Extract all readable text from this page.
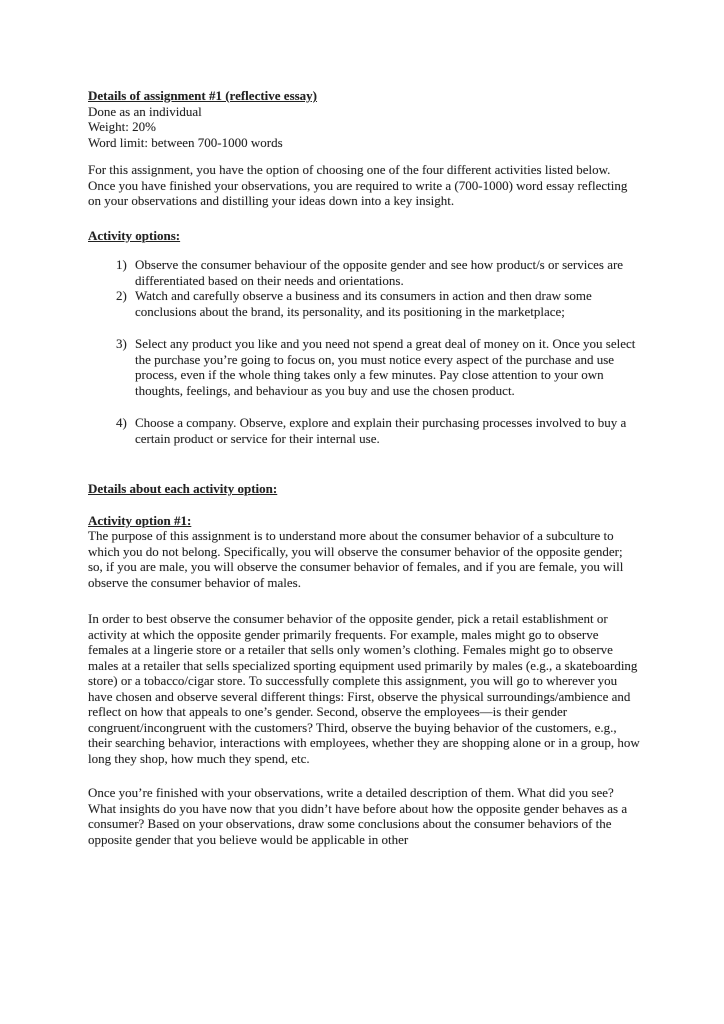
Details of assignment #1 (reflective essay)
Done as an individual
Weight: 20%
Word limit: between 700-1000 words

For this assignment, you have the option of choosing one of the four different activities listed below. Once you have finished your observations, you are required to write a (700-1000) word essay reflecting on your observations and distilling your ideas down into a key insight.

Activity options:
1) Observe the consumer behaviour of the opposite gender and see how product/s or services are differentiated based on their needs and orientations.
2) Watch and carefully observe a business and its consumers in action and then draw some conclusions about the brand, its personality, and its positioning in the marketplace;
3) Select any product you like and you need not spend a great deal of money on it. Once you select the purchase you’re going to focus on, you must notice every aspect of the purchase and use process, even if the whole thing takes only a few minutes. Pay close attention to your own thoughts, feelings, and behaviour as you buy and use the chosen product.
4) Choose a company. Observe, explore and explain their purchasing processes involved to buy a certain product or service for their internal use.
Details about each activity option:
Activity option #1:

The purpose of this assignment is to understand more about the consumer behavior of a subculture to which you do not belong. Specifically, you will observe the consumer behavior of the opposite gender; so, if you are male, you will observe the consumer behavior of females, and if you are female, you will observe the consumer behavior of males.

In order to best observe the consumer behavior of the opposite gender, pick a retail establishment or activity at which the opposite gender primarily frequents. For example, males might go to observe females at a lingerie store or a retailer that sells only women’s clothing. Females might go to observe males at a retailer that sells specialized sporting equipment used primarily by males (e.g., a skateboarding store) or a tobacco/cigar store. To successfully complete this assignment, you will go to wherever you have chosen and observe several different things: First, observe the physical surroundings/ambience and reflect on how that appeals to one’s gender. Second, observe the employees—is their gender congruent/incongruent with the customers? Third, observe the buying behavior of the customers, e.g., their searching behavior, interactions with employees, whether they are shopping alone or in a group, how long they shop, how much they spend, etc.

Once you’re finished with your observations, write a detailed description of them. What did you see? What insights do you have now that you didn’t have before about how the opposite gender behaves as a consumer? Based on your observations, draw some conclusions about the consumer behaviors of the opposite gender that you believe would be applicable in other
